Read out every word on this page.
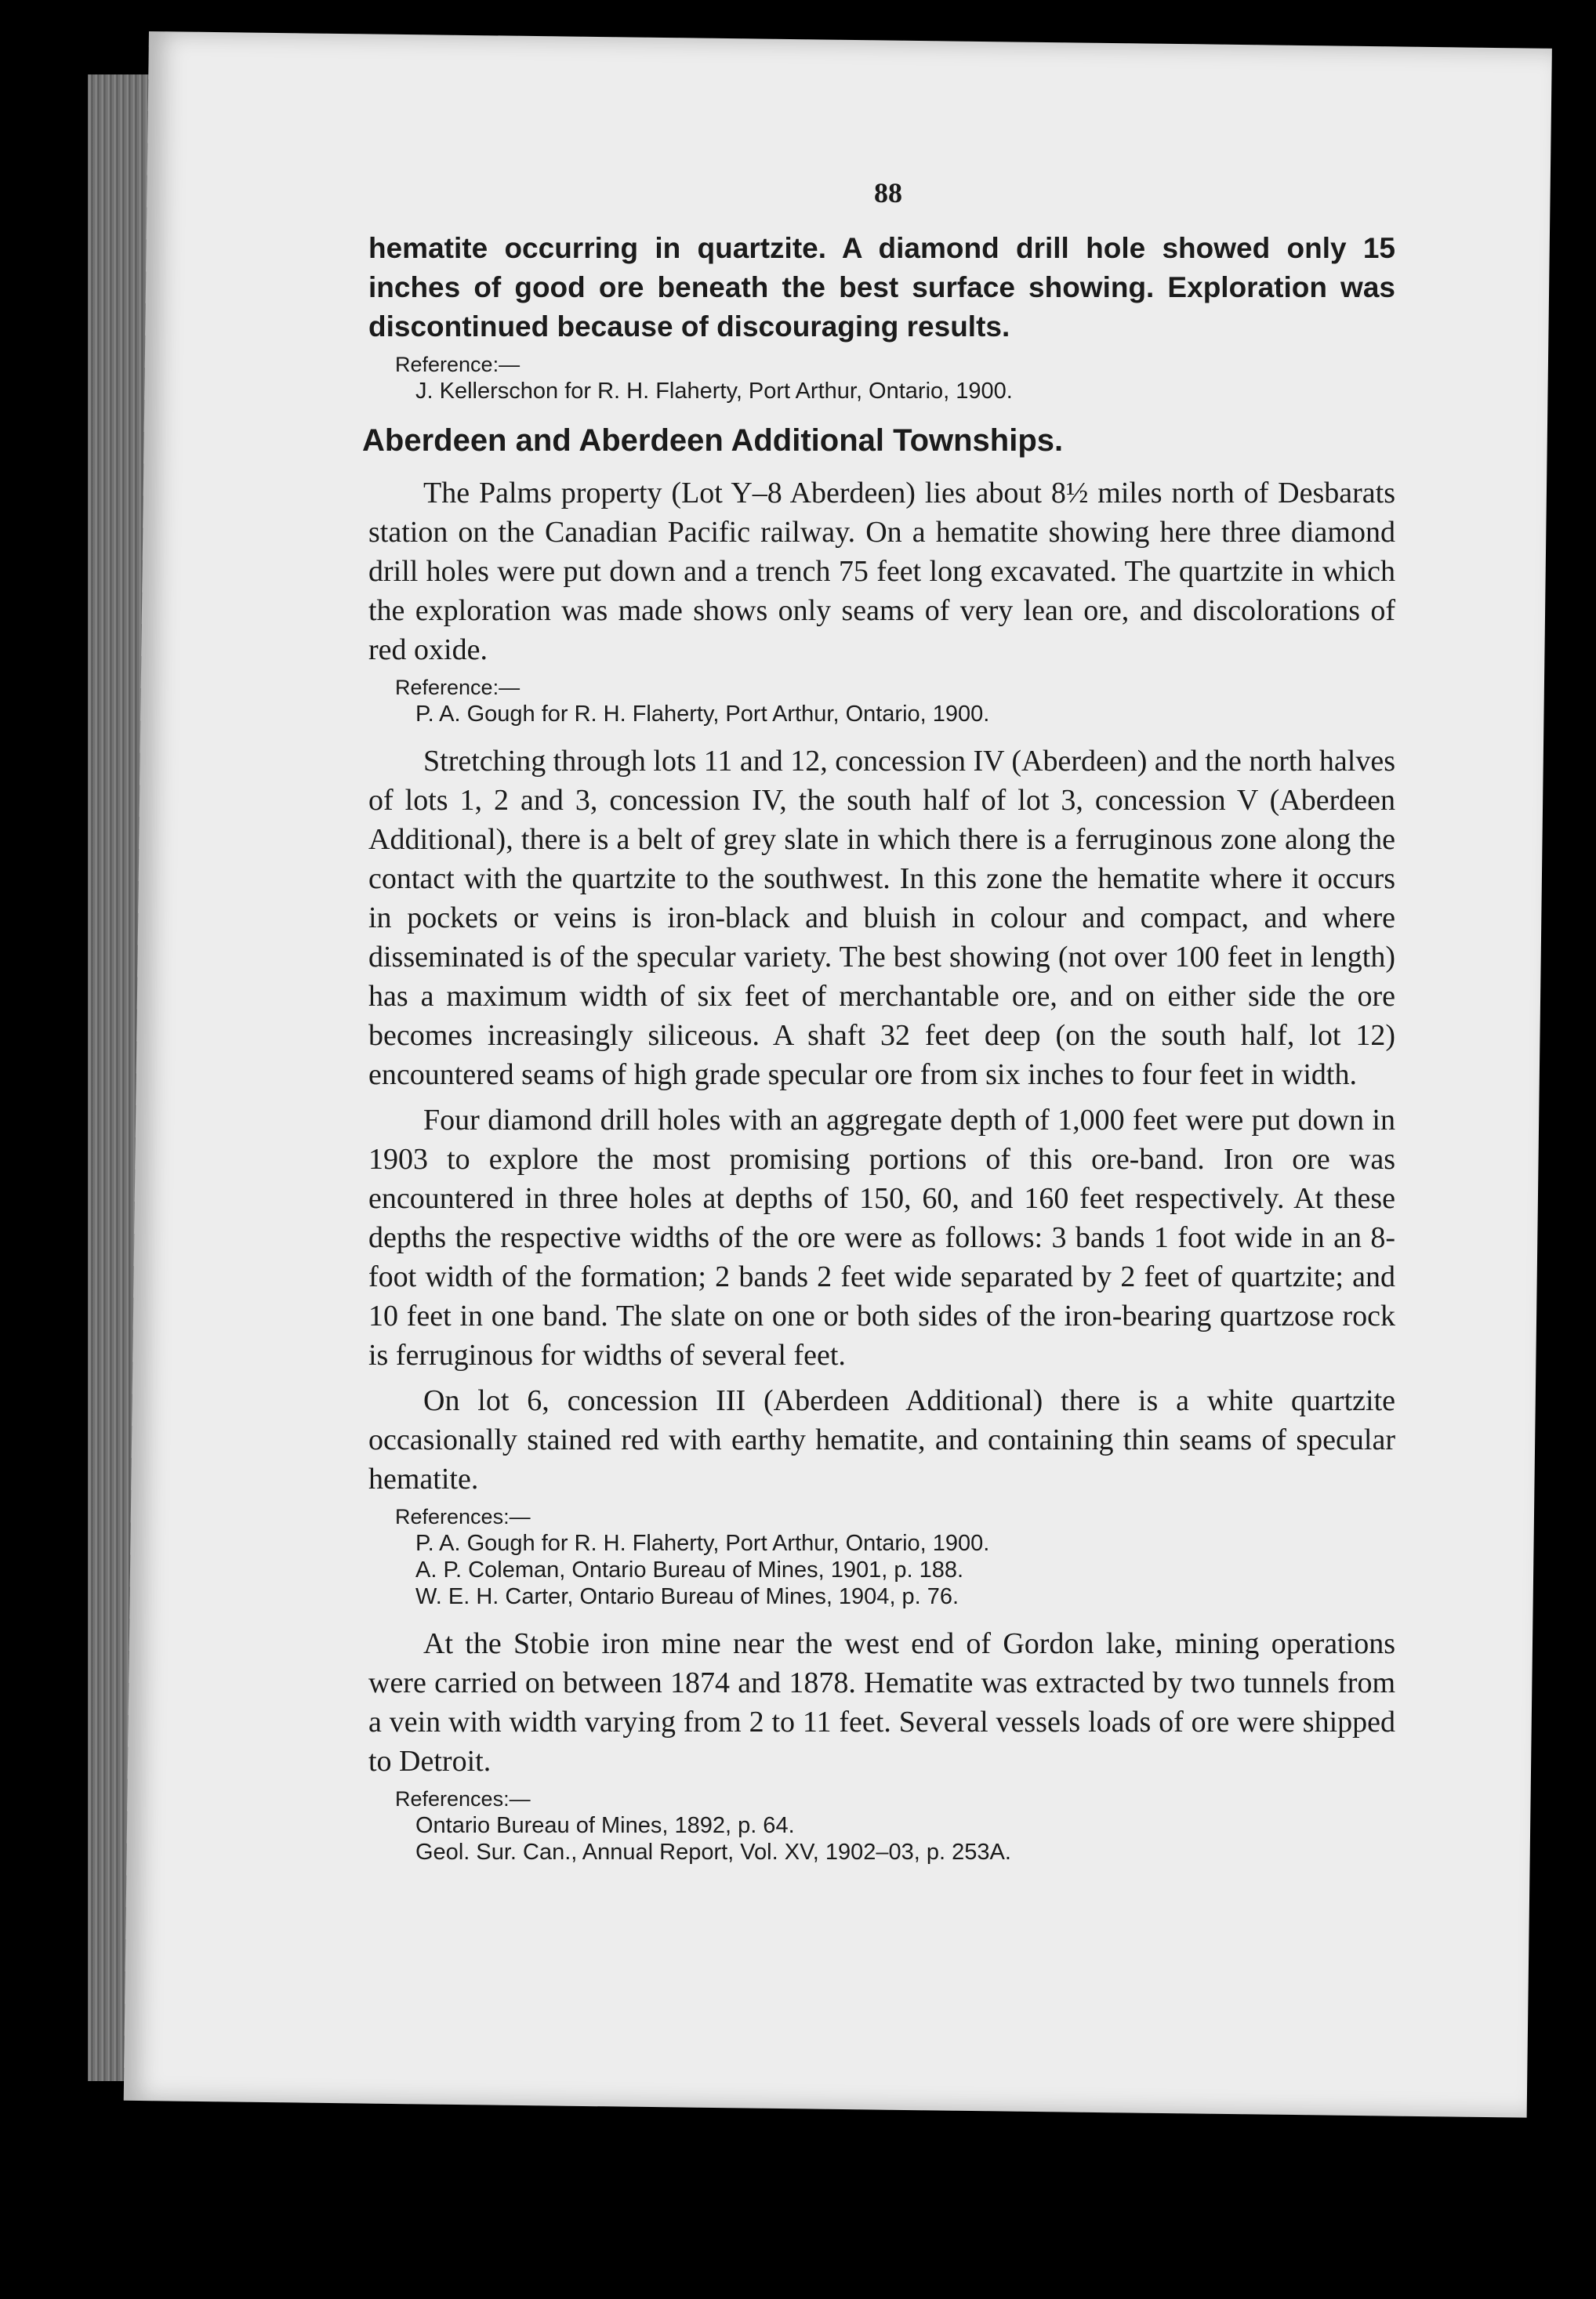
88

hematite occurring in quartzite. A diamond drill hole showed only 15 inches of good ore beneath the best surface showing. Exploration was discontinued because of discouraging results.

Reference:—
J. Kellerschon for R. H. Flaherty, Port Arthur, Ontario, 1900.
Aberdeen and Aberdeen Additional Townships.

The Palms property (Lot Y–8 Aberdeen) lies about 8½ miles north of Desbarats station on the Canadian Pacific railway. On a hematite showing here three diamond drill holes were put down and a trench 75 feet long excavated. The quartzite in which the exploration was made shows only seams of very lean ore, and discolorations of red oxide.

Reference:—
P. A. Gough for R. H. Flaherty, Port Arthur, Ontario, 1900.

Stretching through lots 11 and 12, concession IV (Aberdeen) and the north halves of lots 1, 2 and 3, concession IV, the south half of lot 3, concession V (Aberdeen Additional), there is a belt of grey slate in which there is a ferruginous zone along the contact with the quartzite to the southwest. In this zone the hematite where it occurs in pockets or veins is iron-black and bluish in colour and compact, and where disseminated is of the specular variety. The best showing (not over 100 feet in length) has a maximum width of six feet of merchantable ore, and on either side the ore becomes increasingly siliceous. A shaft 32 feet deep (on the south half, lot 12) encountered seams of high grade specular ore from six inches to four feet in width.

Four diamond drill holes with an aggregate depth of 1,000 feet were put down in 1903 to explore the most promising portions of this ore-band. Iron ore was encountered in three holes at depths of 150, 60, and 160 feet respectively. At these depths the respective widths of the ore were as follows: 3 bands 1 foot wide in an 8-foot width of the formation; 2 bands 2 feet wide separated by 2 feet of quartzite; and 10 feet in one band. The slate on one or both sides of the iron-bearing quartzose rock is ferruginous for widths of several feet.

On lot 6, concession III (Aberdeen Additional) there is a white quartzite occasionally stained red with earthy hematite, and containing thin seams of specular hematite.

References:—
P. A. Gough for R. H. Flaherty, Port Arthur, Ontario, 1900.
A. P. Coleman, Ontario Bureau of Mines, 1901, p. 188.
W. E. H. Carter, Ontario Bureau of Mines, 1904, p. 76.

At the Stobie iron mine near the west end of Gordon lake, mining operations were carried on between 1874 and 1878. Hematite was extracted by two tunnels from a vein with width varying from 2 to 11 feet. Several vessels loads of ore were shipped to Detroit.

References:—
Ontario Bureau of Mines, 1892, p. 64.
Geol. Sur. Can., Annual Report, Vol. XV, 1902–03, p. 253A.
